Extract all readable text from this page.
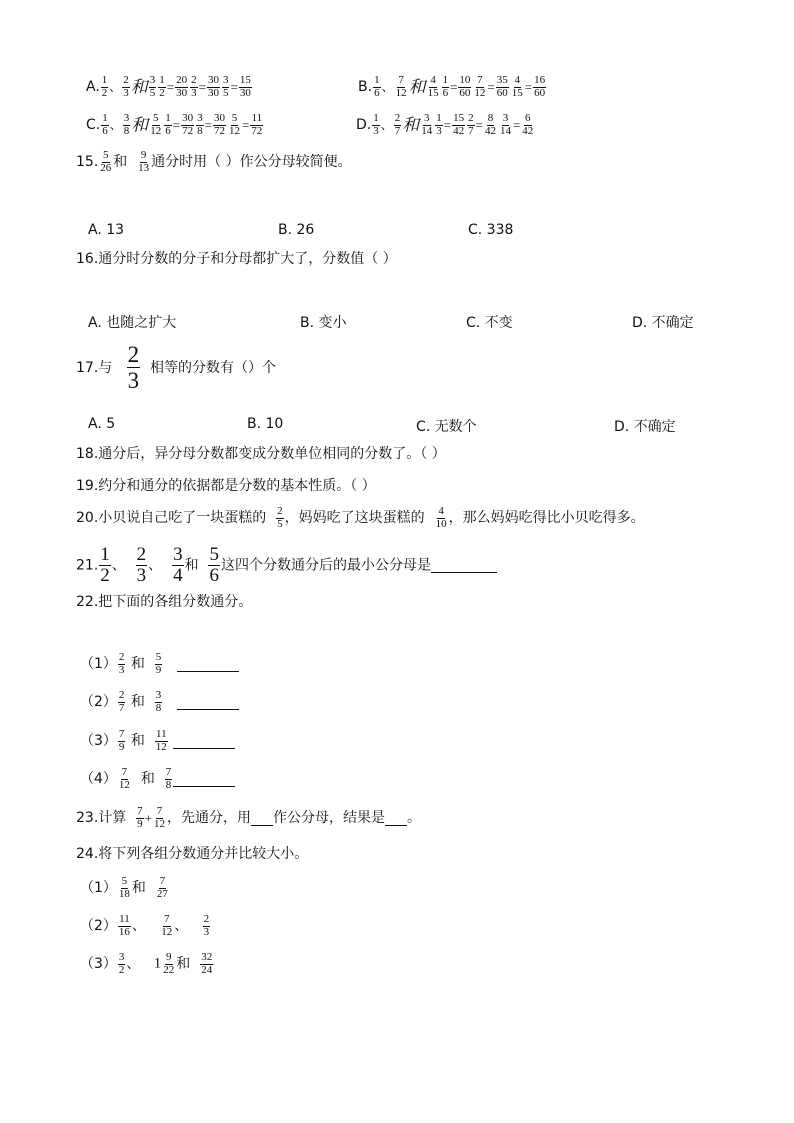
A. $\frac{1}{2}$ 、 $\frac{2}{3}$ 和 $\frac{3}{5} \frac{1}{2} = \frac{20}{30} \frac{2}{3} = \frac{30}{30} \frac{3}{5} = \frac{15}{30}$	B. $\frac{1}{6}$ 、 $\frac{7}{12}$ 和 $\frac{4}{15} \frac{1}{6} = \frac{10}{60} \frac{7}{12} = \frac{35}{60} \frac{4}{15} = \frac{16}{60}$
C. $\frac{1}{6}$ 、 $\frac{3}{8}$ 和 $\frac{5}{12} \frac{1}{6} = \frac{30}{72} \frac{3}{8} = \frac{30}{72} \frac{5}{12} = \frac{11}{72}$	D. $\frac{1}{3}$ 、 $\frac{2}{7}$ 和 $\frac{3}{14} \frac{1}{3} = \frac{15}{42} \frac{2}{7} = \frac{8}{42} \frac{3}{14} = \frac{6}{42}$
15. $\frac{5}{26}$ 和 $\frac{9}{13}$ 通分时用（ ）作公分母较简便。
A. 13	B. 26	C. 338
16.通分时分数的分子和分母都扩大了，分数值（ ）
A. 也随之扩大	B. 变小	C. 不变	D. 不确定
17.与 $\frac{2}{3}$ 相等的分数有（）个
A. 5	B. 10	C. 无数个	D. 不确定
18.通分后，异分母分数都变成分数单位相同的分数了。（ ）
19.约分和通分的依据都是分数的基本性质。（ ）
20.小贝说自己吃了一块蛋糕的 $\frac{2}{5}$ ，妈妈吃了这块蛋糕的 $\frac{4}{10}$ ，那么妈妈吃得比小贝吃得多。
21. $\frac{1}{2}$ 、 $\frac{2}{3}$ 、 $\frac{3}{4}$ 和 $\frac{5}{6}$ 这四个分数通分后的最小公分母是
22.把下面的各组分数通分。
$(1) \frac{2}{3}$ 和 $\frac{5}{9}$

$(2) \frac{2}{7}$ 和 $\frac{3}{8}$

$(3) \frac{7}{9}$ 和 $\frac{11}{12}$

$(4) \frac{7}{12}$ 和 $\frac{7}{8}$
23.计算 $\frac{7}{9} + \frac{7}{12}$ ，先通分，用 作公分母，结果是 。
24.将下列各组分数通分并比较大小。
$(1) \frac{5}{18}$ 和 $\frac{7}{27}$
$(2) \frac{11}{16}$ 、 $\frac{7}{12}$ 、 $\frac{2}{3}$
$(3) \frac{3}{2}$ 、 $1 \frac{9}{22}$ 和 $\frac{32}{24}$
